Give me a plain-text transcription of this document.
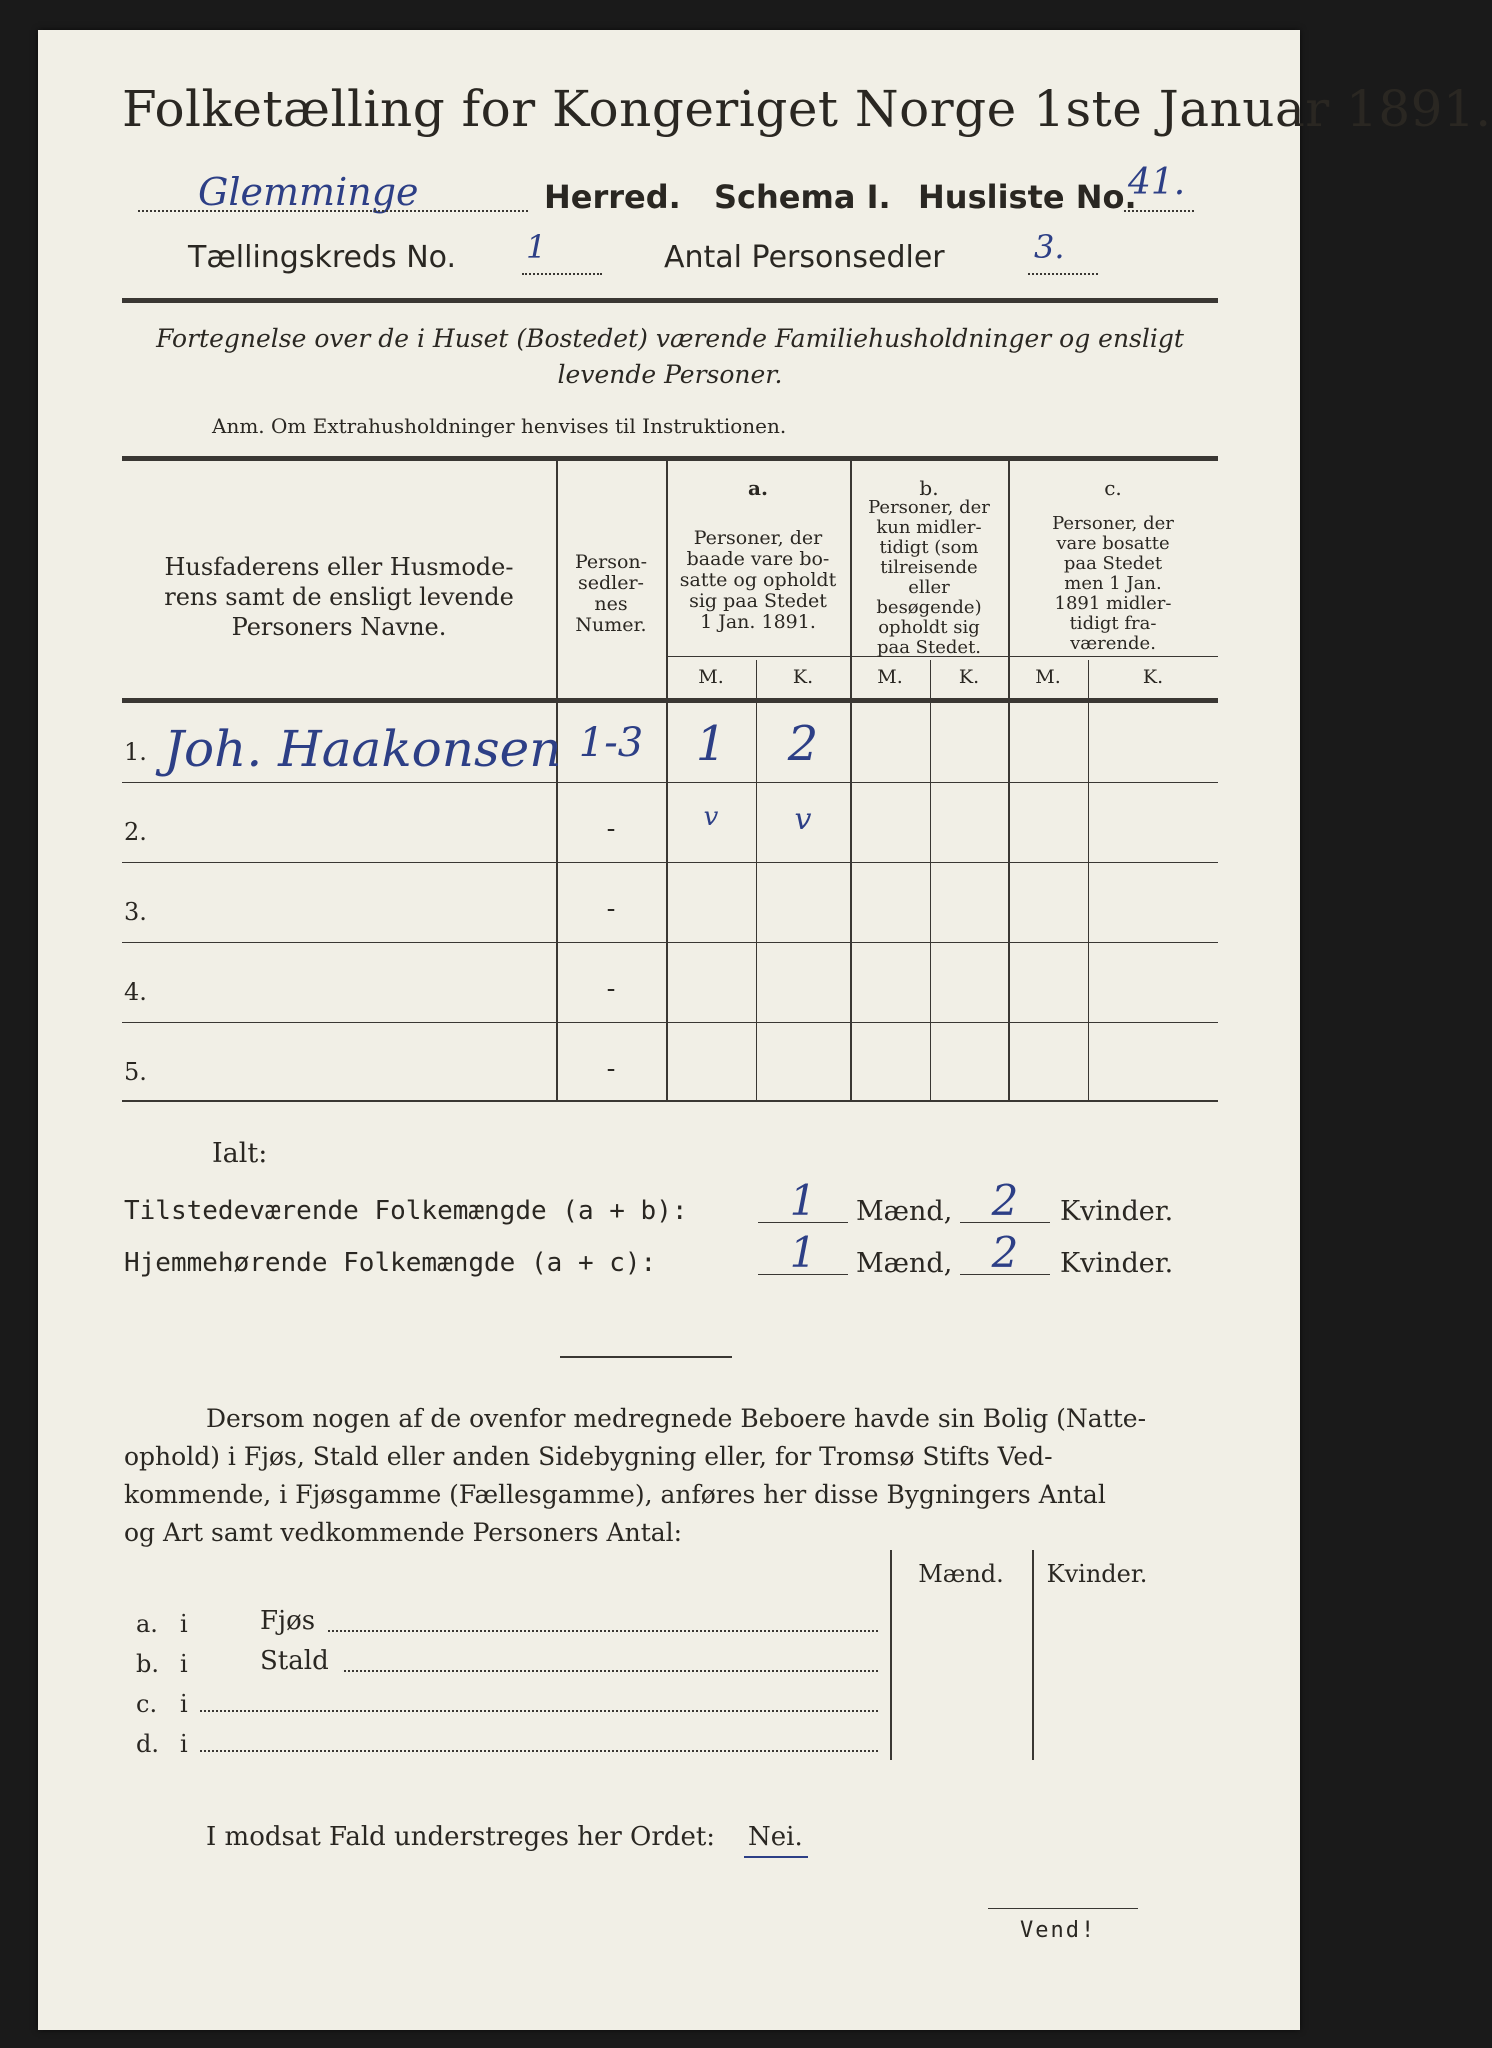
Folketælling for Kongeriget Norge 1ste Januar 1891.
Glemminge	Herred. Schema I. Husliste No.
41.
Tællingskreds No. 1	Antal Personsedler	3.
Fortegnelse over de i Huset (Bostedet) værende Familiehusholdninger og ensligt
levende Personer.
Anm. Om Extrahusholdninger henvises til Instruktionen.
Husfaderens eller Husmode-
rens samt de ensligt levende
Personers Navne.
Person-
sedler-
nes
Numer.
a.
Personer, der
baade vare bo-
satte og opholdt
sig paa Stedet
1 Jan. 1891.
b.
Personer, der
kun midler-
tidigt (som
tilreisende
eller
besøgende)
opholdt sig
paa Stedet.
c.
Personer, der
vare bosatte
paa Stedet
men 1 Jan.
1891 midler-
tidigt fra-
værende.
M.	K.	M.	K.	M.	K.
1. Joh. Haakonsen 1-3	1	2
2.	-	v	v
3.	-
4.	-
5.	-
Ialt:
Tilstedeværende Folkemængde (a + b):	1	Mænd, 2	Kvinder.
Hjemmehørende Folkemængde (a + c):	1	Mænd, 2	Kvinder.
Dersom nogen af de ovenfor medregnede Beboere havde sin Bolig (Natte-
ophold) i Fjøs, Stald eller anden Sidebygning eller, for Tromsø Stifts Ved-
kommende, i Fjøsgamme (Fællesgamme), anføres her disse Bygningers Antal
og Art samt vedkommende Personers Antal:
Mænd.	Kvinder.
a. i	Fjøs
b. i	Stald
c. i
d. i
I modsat Fald understreges her Ordet: Nei.
Vend!
